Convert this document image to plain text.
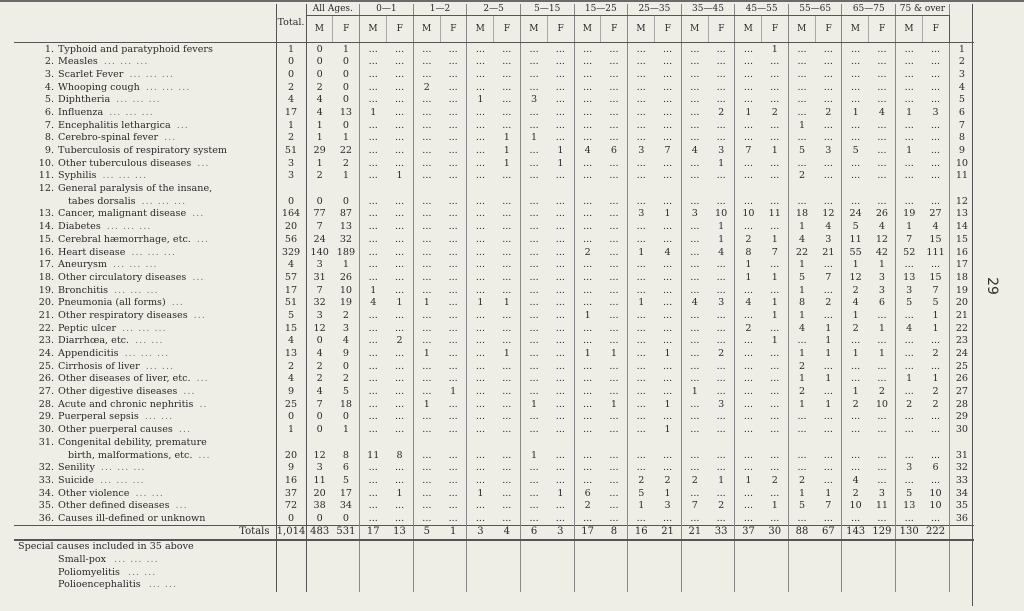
	Total.	All Ages.		0—1		1—2		2—5		5—15		15—25		25—35		35—45		45—55		55—65		65—75		75 & over		
		M	F	M	F	M	F	M	F	M	F	M	F	M	F	M	F	M	F	M	F	M	F	M	F	
1. Typhoid and paratyphoid fevers	1	0	1	...	...	...	...	...	...	...	...	...	...	...	...	...	...	...	1	...	...	...	...	...	...	1
2. Measles ... ... ...	0	0	0	...	...	...	...	...	...	...	...	...	...	...	...	...	...	...	...	...	...	...	...	...	...	2
3. Scarlet Fever ... ... ...	0	0	0	...	...	...	...	...	...	...	...	...	...	...	...	...	...	...	...	...	...	...	...	...	...	3
4. Whooping cough ... ... ...	2	2	0	...	...	2	...	...	...	...	...	...	...	...	...	...	...	...	...	...	...	...	...	...	...	4
5. Diphtheria ... ... ...	4	4	0	...	...	...	...	1	...	3	...	...	...	...	...	...	...	...	...	...	...	...	...	...	...	5
6. Influenza ... ... ...	17	4	13	1	...	...	...	...	...	...	...	...	...	...	...	...	2	1	2	...	2	1	4	1	3	6
7. Encephalitis lethargica ...	1	1	0	...	...	...	...	...	...	...	...	...	...	...	...	...	...	...	...	1	...	...	...	...	...	7
8. Cerebro-spinal fever ...	2	1	1	...	...	...	...	...	1	1	...	...	...	...	...	...	...	...	...	...	...	...	...	...	...	8
9. Tuberculosis of respiratory system	51	29	22	...	...	...	...	...	1	...	1	4	6	3	7	4	3	7	1	5	3	5	...	1	...	9
10. Other tuberculous diseases ...	3	1	2	...	...	...	...	...	1	...	1	...	...	...	...	...	1	...	...	...	...	...	...	...	...	10
11. Syphilis ... ... ...	3	2	1	...	1	...	...	...	...	...	...	...	...	...	...	...	...	...	...	2	...	...	...	...	...	11
12. General paralysis of the insane,																										
tabes dorsalis ... ... ...	0	0	0	...	...	...	...	...	...	...	...	...	...	...	...	...	...	...	...	...	...	...	...	...	...	12
13. Cancer, malignant disease ...	164	77	87	...	...	...	...	...	...	...	...	...	...	3	1	3	10	10	11	18	12	24	26	19	27	13
14. Diabetes ... ... ...	20	7	13	...	...	...	...	...	...	...	...	...	...	...	...	...	1	...	...	1	4	5	4	1	4	14
15. Cerebral hæmorrhage, etc. ...	56	24	32	...	...	...	...	...	...	...	...	...	...	...	...	...	1	2	1	4	3	11	12	7	15	15
16. Heart disease ... ... ...	329	140	189	...	...	...	...	...	...	...	...	2	...	1	4	...	4	8	7	22	21	55	42	52	111	16
17. Aneurysm ... ... ...	4	3	1	...	...	...	...	...	...	...	...	...	...	...	...	...	...	1	...	1	...	1	1	...	...	17
18. Other circulatory diseases ...	57	31	26	...	...	...	...	...	...	...	...	...	...	...	...	...	...	1	1	5	7	12	3	13	15	18
19. Bronchitis ... ... ...	17	7	10	1	...	...	...	...	...	...	...	...	...	...	...	...	...	...	...	1	...	2	3	3	7	19
20. Pneumonia (all forms) ...	51	32	19	4	1	1	...	1	1	...	...	...	...	1	...	4	3	4	1	8	2	4	6	5	5	20
21. Other respiratory diseases ...	5	3	2	...	...	...	...	...	...	...	...	1	...	...	...	...	...	...	1	1	...	1	...	...	1	21
22. Peptic ulcer ... ... ...	15	12	3	...	...	...	...	...	...	...	...	...	...	...	...	...	...	2	...	4	1	2	1	4	1	22
23. Diarrhœa, etc. ... ...	4	0	4	...	2	...	...	...	...	...	...	...	...	...	...	...	...	...	1	...	1	...	...	...	...	23
24. Appendicitis ... ... ...	13	4	9	...	...	1	...	...	1	...	...	1	1	...	1	...	2	...	...	1	1	1	1	...	2	24
25. Cirrhosis of liver ... ...	2	2	0	...	...	...	...	...	...	...	...	...	...	...	...	...	...	...	...	2	...	...	...	...	...	25
26. Other diseases of liver, etc. ...	4	2	2	...	...	...	...	...	...	...	...	...	...	...	...	...	...	...	...	1	1	...	...	1	1	26
27. Other digestive diseases ...	9	4	5	...	...	...	1	...	...	...	...	...	...	...	...	1	...	...	...	2	...	1	2	...	2	27
28. Acute and chronic nephritis ..	25	7	18	...	...	1	...	...	...	1	...	...	1	...	1	...	3	...	...	1	1	2	10	2	2	28
29. Puerperal sepsis ... ...	0	0	0	...	...	...	...	...	...	...	...	...	...	...	...	...	...	...	...	...	...	...	...	...	...	29
30. Other puerperal causes ...	1	0	1	...	...	...	...	...	...	...	...	...	...	...	1	...	...	...	...	...	...	...	...	...	...	30
31. Congenital debility, premature																										
birth, malformations, etc. ...	20	12	8	11	8	...	...	...	...	1	...	...	...	...	...	...	...	...	...	...	...	...	...	...	...	31
32. Senility ... ... ...	9	3	6	...	...	...	...	...	...	...	...	...	...	...	...	...	...	...	...	...	...	...	...	3	6	32
33. Suicide ... ... ...	16	11	5	...	...	...	...	...	...	...	...	...	...	2	2	2	1	1	2	2	...	4	...	...	...	33
34. Other violence ... ...	37	20	17	...	1	...	...	1	...	...	1	6	...	5	1	...	...	...	...	1	1	2	3	5	10	34
35. Other defined diseases ...	72	38	34	...	...	...	...	...	...	...	...	2	...	1	3	7	2	...	1	5	7	10	11	13	10	35
36. Causes ill-defined or unknown	0	0	0	...	...	...	...	...	...	...	...	...	...	...	...	...	...	...	...	...	...	...	...	...	...	36
Totals	1,014	483	531	17	13	5	1	3	4	6	3	17	8	16	21	21	33	37	30	88	67	143	129	130	222	
Special causes included in 35 above																										
Small-pox ... ... ...																										
Poliomyelitis ... ...																										
Polioencephalitis ... ...																										
29
